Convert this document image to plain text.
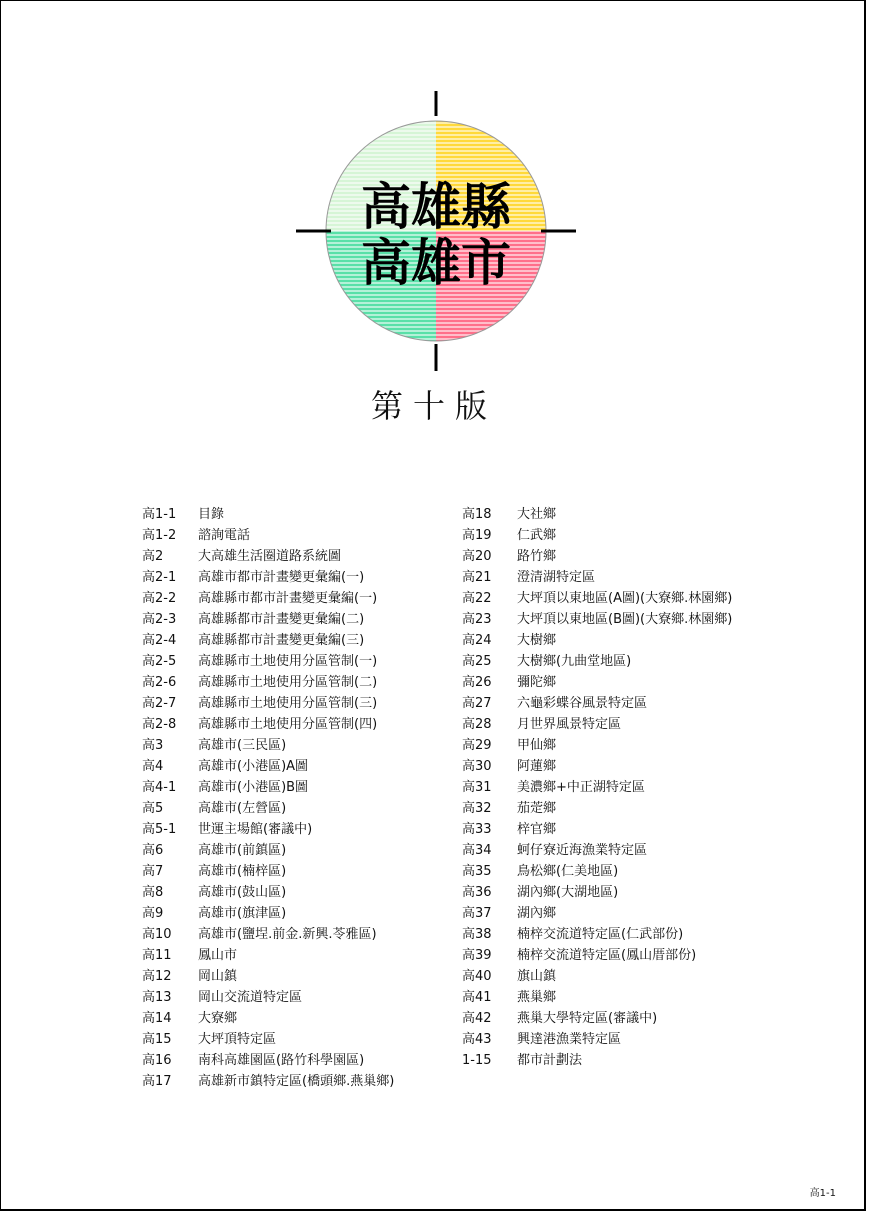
高雄縣
高雄市
第十版
高1-1	目錄
高1-2	諮詢電話
高2	大高雄生活圈道路系統圖
高2-1	高雄市都市計畫變更彙編(一)
高2-2	高雄縣市都市計畫變更彙編(一)
高2-3	高雄縣都市計畫變更彙編(二)
高2-4	高雄縣都市計畫變更彙編(三)
高2-5	高雄縣市土地使用分區管制(一)
高2-6	高雄縣市土地使用分區管制(二)
高2-7	高雄縣市土地使用分區管制(三)
高2-8	高雄縣市土地使用分區管制(四)
高3	高雄市(三民區)
高4	高雄市(小港區)A圖
高4-1	高雄市(小港區)B圖
高5	高雄市(左營區)
高5-1	世運主場館(審議中)
高6	高雄市(前鎮區)
高7	高雄市(楠梓區)
高8	高雄市(鼓山區)
高9	高雄市(旗津區)
高10	高雄市(鹽埕.前金.新興.苓雅區)
高11	鳳山市
高12	岡山鎮
高13	岡山交流道特定區
高14	大寮鄉
高15	大坪頂特定區
高16	南科高雄園區(路竹科學園區)
高17	高雄新市鎮特定區(橋頭鄉.燕巢鄉)
高18	大社鄉
高19	仁武鄉
高20	路竹鄉
高21	澄清湖特定區
高22	大坪頂以東地區(A圖)(大寮鄉.林園鄉)
高23	大坪頂以東地區(B圖)(大寮鄉.林園鄉)
高24	大樹鄉
高25	大樹鄉(九曲堂地區)
高26	彌陀鄉
高27	六龜彩蝶谷風景特定區
高28	月世界風景特定區
高29	甲仙鄉
高30	阿蓮鄉
高31	美濃鄉+中正湖特定區
高32	茄萣鄉
高33	梓官鄉
高34	蚵仔寮近海漁業特定區
高35	鳥松鄉(仁美地區)
高36	湖內鄉(大湖地區)
高37	湖內鄉
高38	楠梓交流道特定區(仁武部份)
高39	楠梓交流道特定區(鳳山厝部份)
高40	旗山鎮
高41	燕巢鄉
高42	燕巢大學特定區(審議中)
高43	興達港漁業特定區
1-15	都市計劃法
高1-1
